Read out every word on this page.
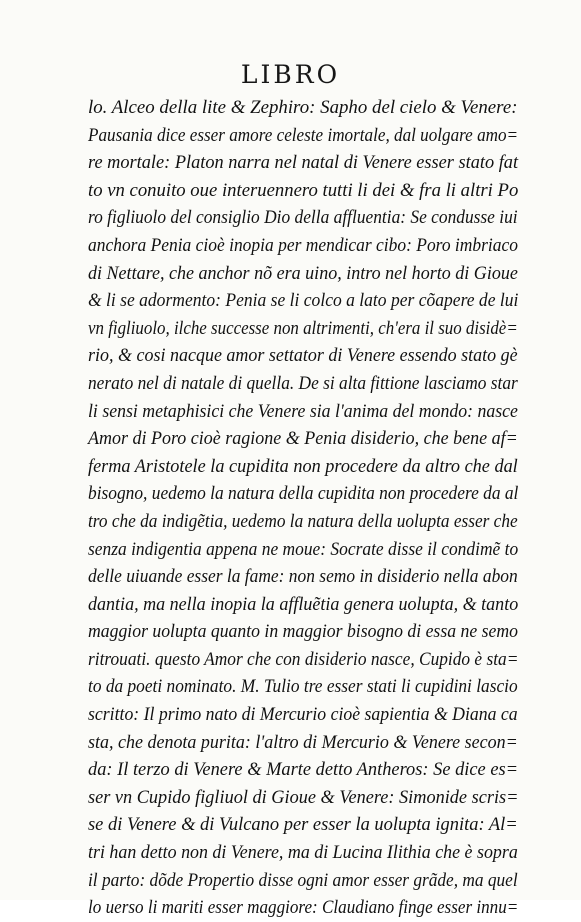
LIBRO
lo. Alceo della lite & Zephiro: Sapho del cielo & Venere:
Pausania dice esser amore celeste imortale, dal uolgare amo=
re mortale: Platon narra nel natal di Venere esser stato fat
to vn conuito oue interuennero tutti li dei & fra li altri Po
ro figliuolo del consiglio Dio della affluentia: Se condusse iui
anchora Penia cioè inopia per mendicar cibo: Poro imbriaco
di Nettare, che anchor nõ era uino, intro nel horto di Gioue
& li se adormento: Penia se li colco a lato per cõapere de lui
vn figliuolo, ilche successe non altrimenti, ch'era il suo disidè=
rio, & cosi nacque amor settator di Venere essendo stato gè
nerato nel di natale di quella. De si alta fittione lasciamo star
li sensi metaphisici che Venere sia l'anima del mondo: nasce
Amor di Poro cioè ragione & Penia disiderio, che bene af=
ferma Aristotele la cupidita non procedere da altro che dal
bisogno, uedemo la natura della cupidita non procedere da al
tro che da indigẽtia, uedemo la natura della uolupta esser che
senza indigentia appena ne moue: Socrate disse il condimẽ to
delle uiuande esser la fame: non semo in disiderio nella abon
dantia, ma nella inopia la affluẽtia genera uolupta, & tanto
maggior uolupta quanto in maggior bisogno di essa ne semo
ritrouati. questo Amor che con disiderio nasce, Cupido è sta=
to da poeti nominato. M. Tulio tre esser stati li cupidini lascio
scritto: Il primo nato di Mercurio cioè sapientia & Diana ca
sta, che denota purita: l'altro di Mercurio & Venere secon=
da: Il terzo di Venere & Marte detto Antheros: Se dice es=
ser vn Cupido figliuol di Gioue & Venere: Simonide scris=
se di Venere & di Vulcano per esser la uolupta ignita: Al=
tri han detto non di Venere, ma di Lucina Ilithia che è sopra
il parto: dõde Propertio disse ogni amor esser grãde, ma quel
lo uerso li mariti esser maggiore: Claudiano finge esser innu=
